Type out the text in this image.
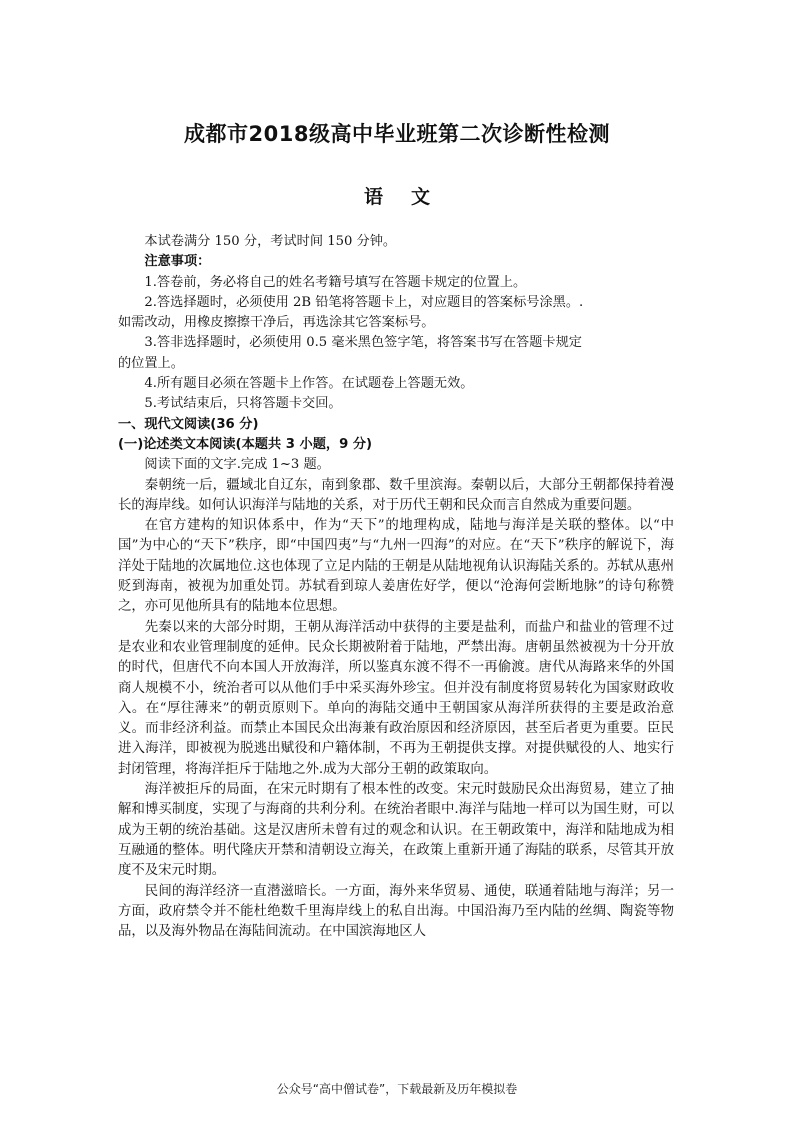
成都市2018级高中毕业班第二次诊断性检测
语 文

本试卷满分 150 分，考试时间 150 分钟。

注意事项：

1.答卷前，务必将自己的姓名考籍号填写在答题卡规定的位置上。

2.答选择题时，必须使用 2B 铅笔将答题卡上，对应题目的答案标号涂黑。.

如需改动，用橡皮擦擦干净后，再选涂其它答案标号。

3.答非选择题时，必须使用 0.5 毫米黑色签字笔，将答案书写在答题卡规定

的位置上。

4.所有题目必须在答题卡上作答。在试题卷上答题无效。

5.考试结束后，只将答题卡交回。

一、现代文阅读(36 分)

(一)论述类文本阅读(本题共 3 小题，9 分)

阅读下面的文字.完成 1~3 题。

秦朝统一后，疆域北自辽东，南到象郡、数千里滨海。秦朝以后，大部分王朝都保持着漫长的海岸线。如何认识海洋与陆地的关系，对于历代王朝和民众而言自然成为重要问题。

在官方建构的知识体系中，作为“天下”的地理构成，陆地与海洋是关联的整体。以“中国”为中心的“天下”秩序，即“中国四夷”与“九州一四海”的对应。在“天下”秩序的解说下，海洋处于陆地的次属地位.这也体现了立足内陆的王朝是从陆地视角认识海陆关系的。苏轼从惠州贬到海南，被视为加重处罚。苏轼看到琼人姜唐佐好学，便以“沧海何尝断地脉”的诗句称赞之，亦可见他所具有的陆地本位思想。

先秦以来的大部分时期，王朝从海洋活动中获得的主要是盐利，而盐户和盐业的管理不过是农业和农业管理制度的延伸。民众长期被附着于陆地，严禁出海。唐朝虽然被视为十分开放的时代，但唐代不向本国人开放海洋，所以鉴真东渡不得不一再偷渡。唐代从海路来华的外国商人规模不小，统治者可以从他们手中采买海外珍宝。但并没有制度将贸易转化为国家财政收入。在“厚往薄来”的朝贡原则下。单向的海陆交通中王朝国家从海洋所获得的主要是政治意义。而非经济利益。而禁止本国民众出海兼有政治原因和经济原因，甚至后者更为重要。臣民进入海洋，即被视为脱逃出赋役和户籍体制，不再为王朝提供支撑。对提供赋役的人、地实行封闭管理，将海洋拒斥于陆地之外.成为大部分王朝的政策取向。

海洋被拒斥的局面，在宋元时期有了根本性的改变。宋元时鼓励民众出海贸易，建立了抽解和博买制度，实现了与海商的共利分利。在统治者眼中.海洋与陆地一样可以为国生财，可以成为王朝的统治基础。这是汉唐所未曾有过的观念和认识。在王朝政策中，海洋和陆地成为相互融通的整体。明代隆庆开禁和清朝设立海关，在政策上重新开通了海陆的联系，尽管其开放度不及宋元时期。

民间的海洋经济一直潜滋暗长。一方面，海外来华贸易、通使，联通着陆地与海洋；另一方面，政府禁令并不能杜绝数千里海岸线上的私自出海。中国沿海乃至内陆的丝绸、陶瓷等物品，以及海外物品在海陆间流动。在中国滨海地区人

公众号“高中僧试卷”，下载最新及历年模拟卷
